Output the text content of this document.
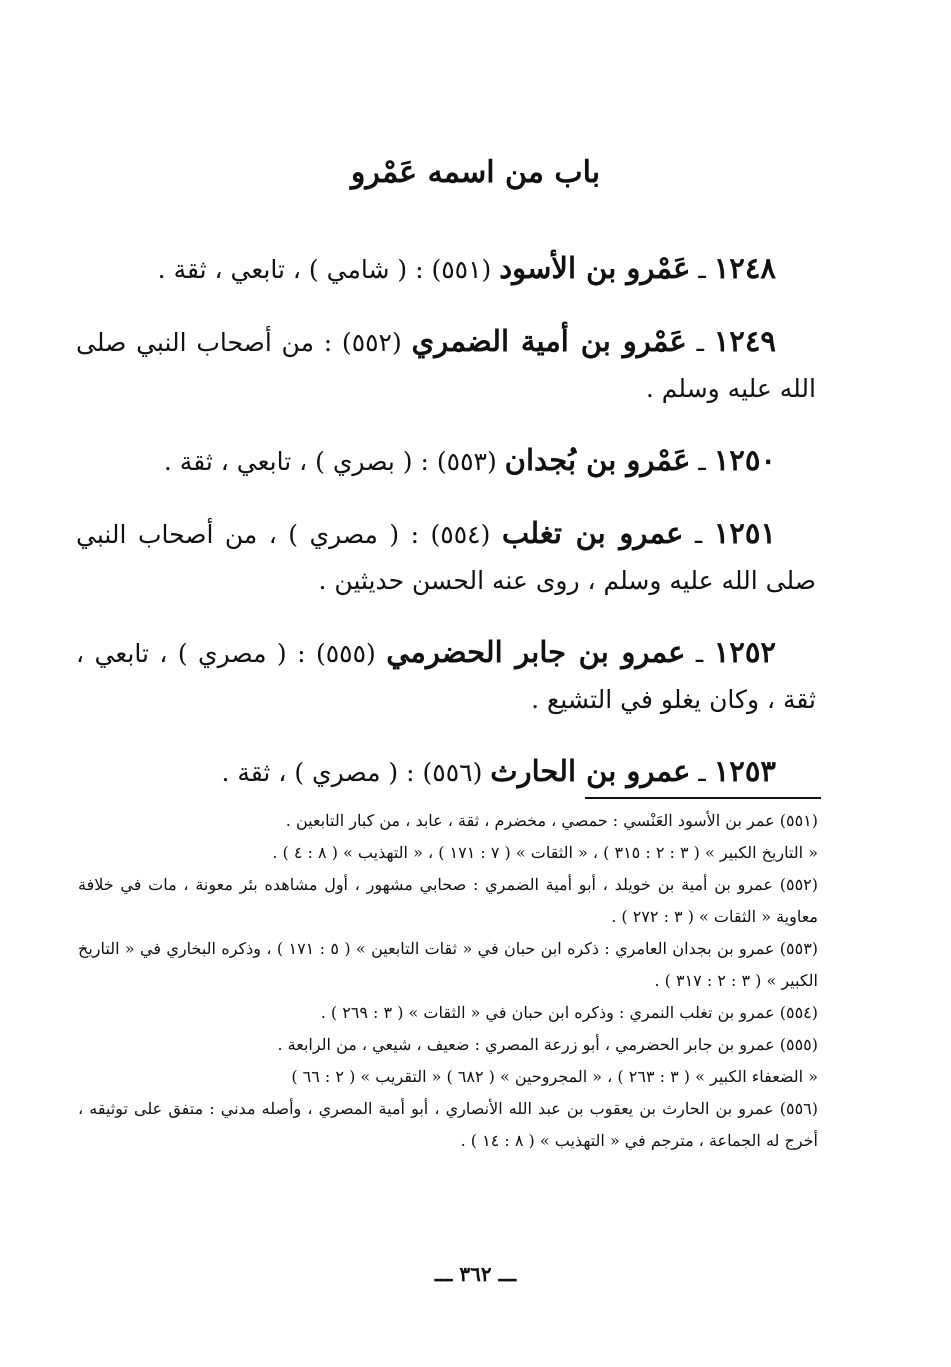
باب من اسمه عَمْرو

١٢٤٨ ـ عَمْرو بن الأسود (٥٥١) : ( شامي ) ، تابعي ، ثقة .

١٢٤٩ ـ عَمْرو بن أمية الضمري (٥٥٢) : من أصحاب النبي صلى الله عليه وسلم .

١٢٥٠ ـ عَمْرو بن بُجدان (٥٥٣) : ( بصري ) ، تابعي ، ثقة .

١٢٥١ ـ عمرو بن تغلب (٥٥٤) : ( مصري ) ، من أصحاب النبي صلى الله عليه وسلم ، روى عنه الحسن حديثين .

١٢٥٢ ـ عمرو بن جابر الحضرمي (٥٥٥) : ( مصري ) ، تابعي ، ثقة ، وكان يغلو في التشيع .

١٢٥٣ ـ عمرو بن الحارث (٥٥٦) : ( مصري ) ، ثقة .

(٥٥١) عمر بن الأسود العَنْسي : حمصي ، مخضرم ، ثقة ، عابد ، من كبار التابعين .
« التاريخ الكبير » ( ٣ : ٢ : ٣١٥ ) ، « الثقات » ( ٧ : ١٧١ ) ، « التهذيب » ( ٨ : ٤ ) .
(٥٥٢) عمرو بن أمية بن خويلد ، أبو أمية الضمري : صحابي مشهور ، أول مشاهده بئر معونة ، مات في خلافة معاوية « الثقات » ( ٣ : ٢٧٢ ) .
(٥٥٣) عمرو بن بجدان العامري : ذكره ابن حبان في « ثقات التابعين » ( ٥ : ١٧١ ) ، وذكره البخاري في « التاريخ الكبير » ( ٣ : ٢ : ٣١٧ ) .
(٥٥٤) عمرو بن تغلب النمري : وذكره ابن حبان في « الثقات » ( ٣ : ٢٦٩ ) .
(٥٥٥) عمرو بن جابر الحضرمي ، أبو زرعة المصري : ضعيف ، شيعي ، من الرابعة .
« الضعفاء الكبير » ( ٣ : ٢٦٣ ) ، « المجروحين » ( ٦٨٢ ) « التقريب » ( ٢ : ٦٦ )
(٥٥٦) عمرو بن الحارث بن يعقوب بن عبد الله الأنصاري ، أبو أمية المصري ، وأصله مدني : متفق على توثيقه ، أخرج له الجماعة ، مترجم في « التهذيب » ( ٨ : ١٤ ) .
ـــ ٣٦٢ ـــ
